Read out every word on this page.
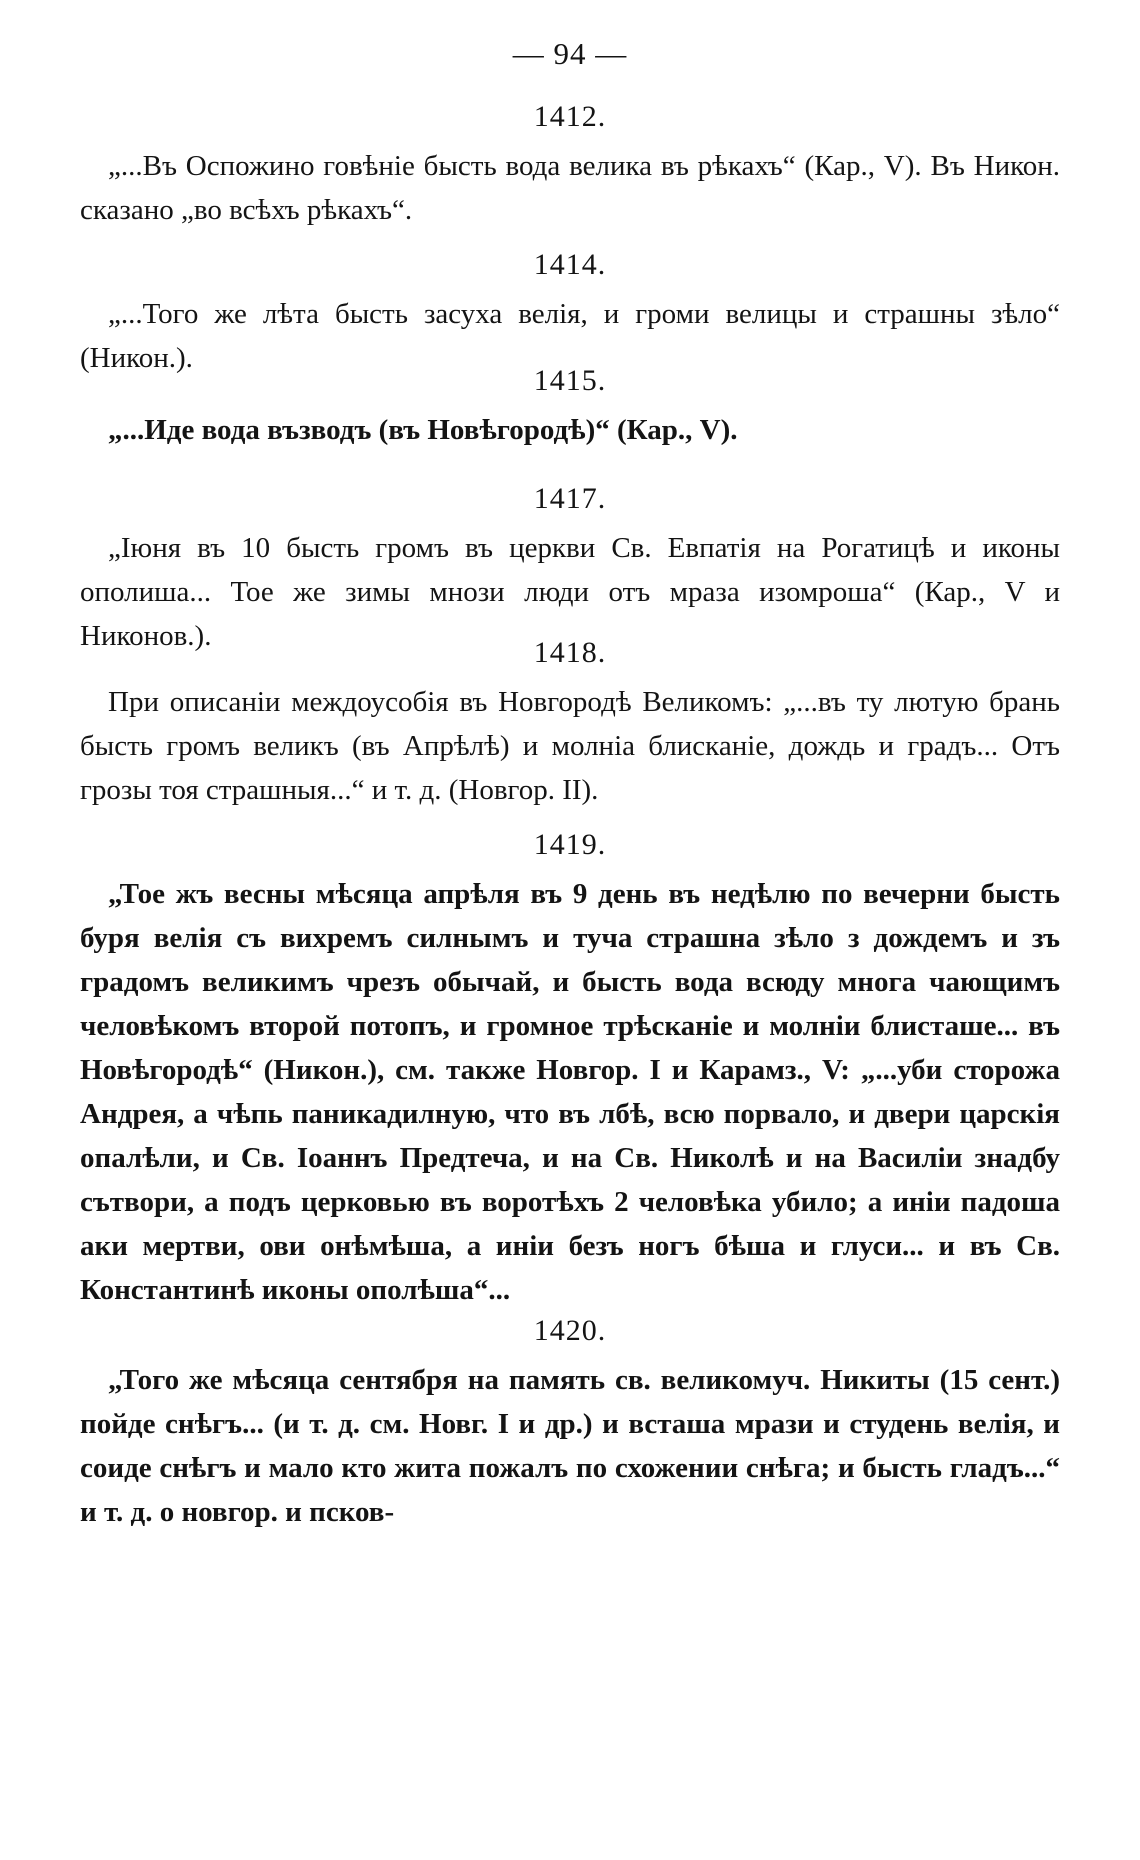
— 94 —
1412.

„...Въ Оспожино говѣніе бысть вода велика въ рѣкахъ“ (Кар., V). Въ Никон. сказано „во всѣхъ рѣкахъ“.

1414.

„...Того же лѣта бысть засуха велія, и громи велицы и страшны зѣло“ (Никон.).

1415.

„...Иде вода възводъ (въ Новѣгородѣ)“ (Кар., V).

1417.

„Іюня въ 10 бысть громъ въ церкви Св. Евпатія на Рогатицѣ и иконы ополиша... Тое же зимы мнози люди отъ мраза изомроша“ (Кар., V и Никонов.).	1418.

При описаніи междоусобія въ Новгородѣ Великомъ: „...въ ту лютую брань бысть громъ великъ (въ Апрѣлѣ) и молніа блисканіе, дождь и градъ... Отъ грозы тоя страшныя...“ и т. д. (Новгор. II).

1419.

„Тое жъ весны мѣсяца апрѣля въ 9 день въ недѣлю по вечерни бысть буря велія съ вихремъ силнымъ и туча страшна зѣло з дождемъ и зъ градомъ великимъ чрезъ обычай, и бысть вода всюду многа чающимъ человѣкомъ второй потопъ, и громное трѣсканіе и молніи блисташе... въ Новѣгородѣ“ (Никон.), см. также Новгор. I и Карамз., V: „...уби сторожа Андрея, а чѣпь паникадилную, что въ лбѣ, всю порвало, и двери царскія опалѣли, и Св. Іоаннъ Предтеча, и на Св. Николѣ и на Василіи знадбу сътвори, а подъ церковью въ воротѣхъ 2 человѣка убило; а иніи падоша аки мертви, ови онѣмѣша, а иніи безъ ногъ бѣша и глуси... и въ Св. Константинѣ иконы ополѣша“...

1420.

„Того же мѣсяца сентября на память св. великомуч. Никиты (15 сент.) пойде снѣгъ... (и т. д. см. Новг. I и др.) и всташа мрази и студень велія, и соиде снѣгъ и мало кто жита пожалъ по схожении снѣга; и бысть гладъ...“ и т. д. о новгор. и псков-
